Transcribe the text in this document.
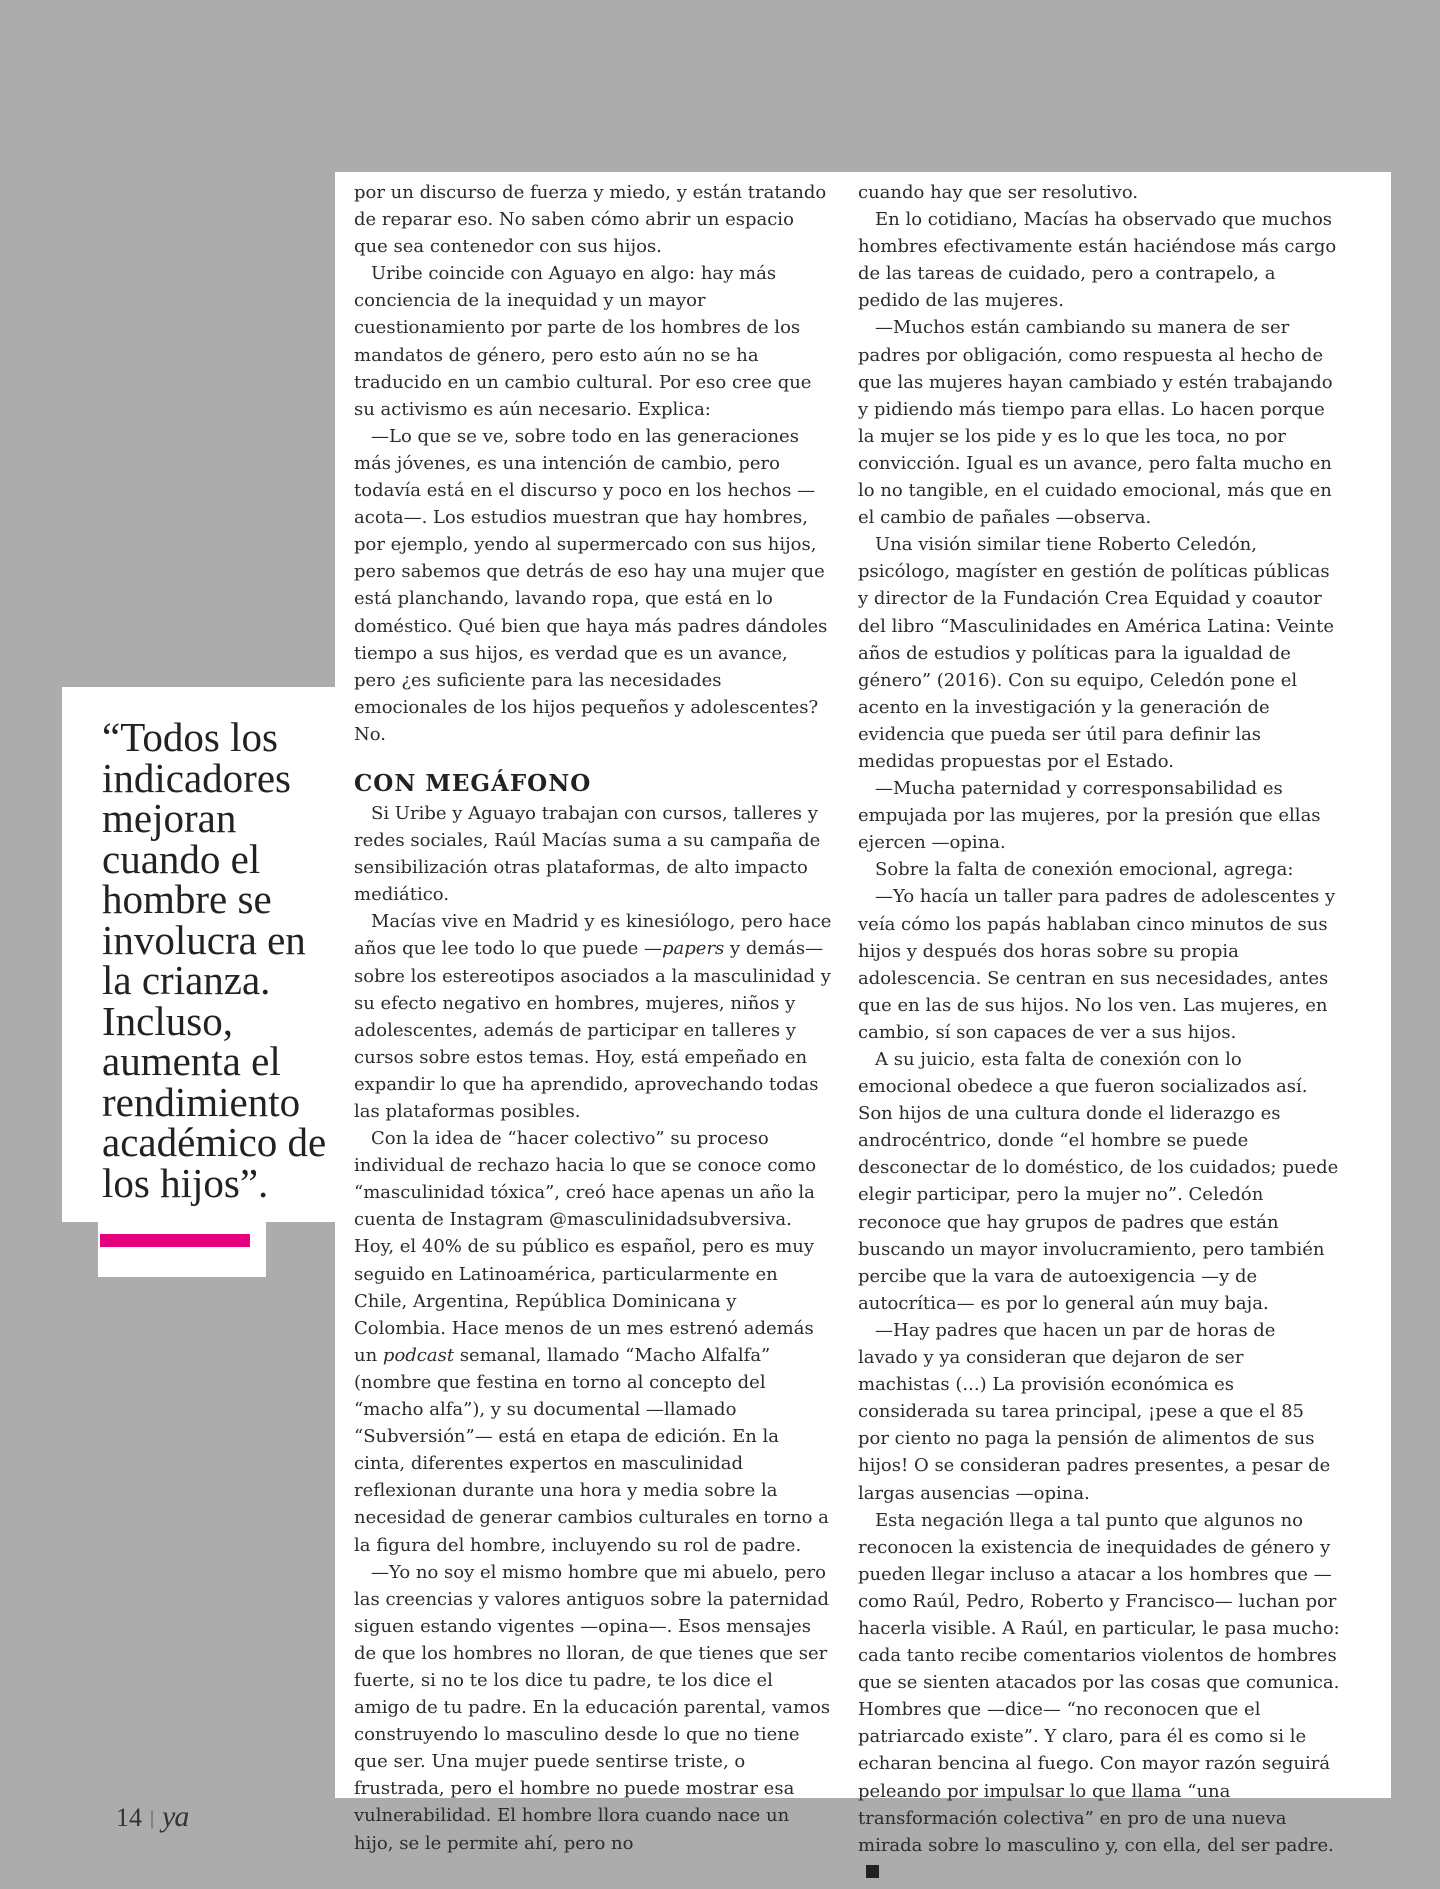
por un discurso de fuerza y miedo, y están tratando de reparar eso. No saben cómo abrir un espacio que sea contenedor con sus hijos.

Uribe coincide con Aguayo en algo: hay más conciencia de la inequidad y un mayor cuestionamiento por parte de los hombres de los mandatos de género, pero esto aún no se ha traducido en un cambio cultural. Por eso cree que su activismo es aún necesario. Explica:

—Lo que se ve, sobre todo en las generaciones más jóvenes, es una intención de cambio, pero todavía está en el discurso y poco en los hechos —acota—. Los estudios muestran que hay hombres, por ejemplo, yendo al supermercado con sus hijos, pero sabemos que detrás de eso hay una mujer que está planchando, lavando ropa, que está en lo doméstico. Qué bien que haya más padres dándoles tiempo a sus hijos, es verdad que es un avance, pero ¿es suficiente para las necesidades emocionales de los hijos pequeños y adolescentes? No.

CON MEGÁFONO

Si Uribe y Aguayo trabajan con cursos, talleres y redes sociales, Raúl Macías suma a su campaña de sensibilización otras plataformas, de alto impacto mediático.

Macías vive en Madrid y es kinesiólogo, pero hace años que lee todo lo que puede —papers y demás— sobre los estereotipos asociados a la masculinidad y su efecto negativo en hombres, mujeres, niños y adolescentes, además de participar en talleres y cursos sobre estos temas. Hoy, está empeñado en expandir lo que ha aprendido, aprovechando todas las plataformas posibles.

Con la idea de “hacer colectivo” su proceso individual de rechazo hacia lo que se conoce como “masculinidad tóxica”, creó hace apenas un año la cuenta de Instagram @masculinidadsubversiva. Hoy, el 40% de su público es español, pero es muy seguido en Latinoamérica, particularmente en Chile, Argentina, República Dominicana y Colombia. Hace menos de un mes estrenó además un podcast semanal, llamado “Macho Alfalfa” (nombre que festina en torno al concepto del “macho alfa”), y su documental —llamado “Subversión”— está en etapa de edición. En la cinta, diferentes expertos en masculinidad reflexionan durante una hora y media sobre la necesidad de generar cambios culturales en torno a la figura del hombre, incluyendo su rol de padre.

—Yo no soy el mismo hombre que mi abuelo, pero las creencias y valores antiguos sobre la paternidad siguen estando vigentes —opina—. Esos mensajes de que los hombres no lloran, de que tienes que ser fuerte, si no te los dice tu padre, te los dice el amigo de tu padre. En la educación parental, vamos construyendo lo masculino desde lo que no tiene que ser. Una mujer puede sentirse triste, o frustrada, pero el hombre no puede mostrar esa vulnerabilidad. El hombre llora cuando nace un hijo, se le permite ahí, pero no

cuando hay que ser resolutivo.

En lo cotidiano, Macías ha observado que muchos hombres efectivamente están haciéndose más cargo de las tareas de cuidado, pero a contrapelo, a pedido de las mujeres.

—Muchos están cambiando su manera de ser padres por obligación, como respuesta al hecho de que las mujeres hayan cambiado y estén trabajando y pidiendo más tiempo para ellas. Lo hacen porque la mujer se los pide y es lo que les toca, no por convicción. Igual es un avance, pero falta mucho en lo no tangible, en el cuidado emocional, más que en el cambio de pañales —observa.

Una visión similar tiene Roberto Celedón, psicólogo, magíster en gestión de políticas públicas y director de la Fundación Crea Equidad y coautor del libro “Masculinidades en América Latina: Veinte años de estudios y políticas para la igualdad de género” (2016). Con su equipo, Celedón pone el acento en la investigación y la generación de evidencia que pueda ser útil para definir las medidas propuestas por el Estado.

—Mucha paternidad y corresponsabilidad es empujada por las mujeres, por la presión que ellas ejercen —opina.

Sobre la falta de conexión emocional, agrega:

—Yo hacía un taller para padres de adolescentes y veía cómo los papás hablaban cinco minutos de sus hijos y después dos horas sobre su propia adolescencia. Se centran en sus necesidades, antes que en las de sus hijos. No los ven. Las mujeres, en cambio, sí son capaces de ver a sus hijos.

A su juicio, esta falta de conexión con lo emocional obedece a que fueron socializados así. Son hijos de una cultura donde el liderazgo es androcéntrico, donde “el hombre se puede desconectar de lo doméstico, de los cuidados; puede elegir participar, pero la mujer no”. Celedón reconoce que hay grupos de padres que están buscando un mayor involucramiento, pero también percibe que la vara de autoexigencia —y de autocrítica— es por lo general aún muy baja.

—Hay padres que hacen un par de horas de lavado y ya consideran que dejaron de ser machistas (...) La provisión económica es considerada su tarea principal, ¡pese a que el 85 por ciento no paga la pensión de alimentos de sus hijos! O se consideran padres presentes, a pesar de largas ausencias —opina.

Esta negación llega a tal punto que algunos no reconocen la existencia de inequidades de género y pueden llegar incluso a atacar a los hombres que —como Raúl, Pedro, Roberto y Francisco— luchan por hacerla visible. A Raúl, en particular, le pasa mucho: cada tanto recibe comentarios violentos de hombres que se sienten atacados por las cosas que comunica. Hombres que —dice— “no reconocen que el patriarcado existe”. Y claro, para él es como si le echaran bencina al fuego. Con mayor razón seguirá peleando por impulsar lo que llama “una transformación colectiva” en pro de una nueva mirada sobre lo masculino y, con ella, del ser padre.

“Todos los indicadores mejoran cuando el hombre se involucra en la crianza. Incluso, aumenta el rendimiento académico de los hijos”.

14 | ya
